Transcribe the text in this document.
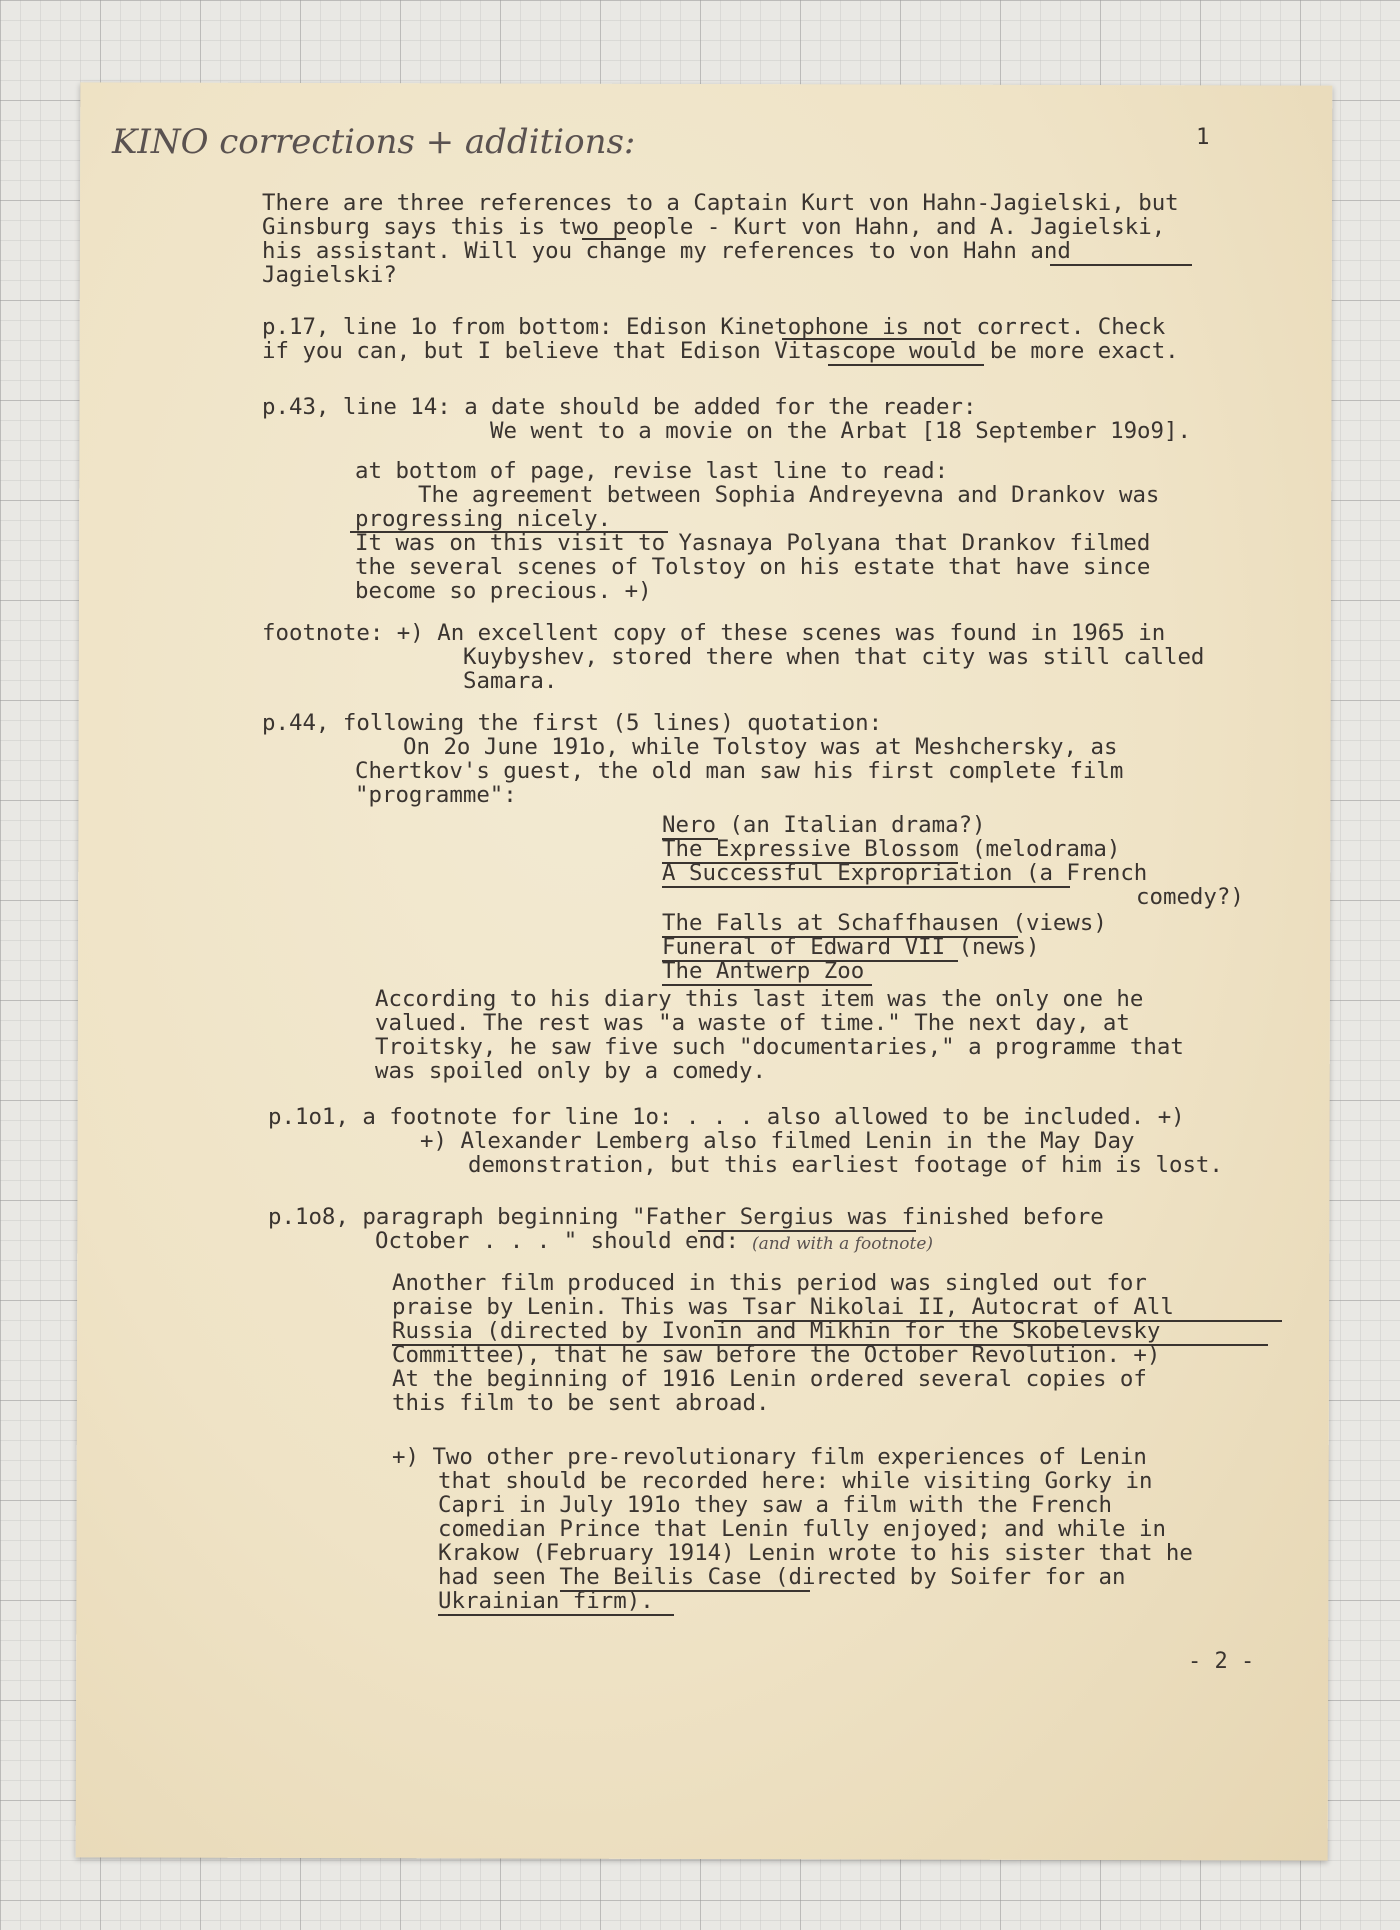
KINO corrections + additions:	1

There are three references to a Captain Kurt von Hahn-Jagielski, but

Ginsburg says this is two people - Kurt von Hahn, and A. Jagielski,

his assistant. Will you change my references to von Hahn and

Jagielski?

p.17, line 1o from bottom: Edison Kinetophone is not correct. Check

if you can, but I believe that Edison Vitascope would be more exact.

p.43, line 14: a date should be added for the reader:

We went to a movie on the Arbat [18 September 19o9].

at bottom of page, revise last line to read:

The agreement between Sophia Andreyevna and Drankov was

progressing nicely.

It was on this visit to Yasnaya Polyana that Drankov filmed

the several scenes of Tolstoy on his estate that have since

become so precious. +)

footnote: +) An excellent copy of these scenes was found in 1965 in

Kuybyshev, stored there when that city was still called

Samara.

p.44, following the first (5 lines) quotation:

On 2o June 191o, while Tolstoy was at Meshchersky, as

Chertkov's guest, the old man saw his first complete film

"programme":

Nero (an Italian drama?)

The Expressive Blossom (melodrama)

A Successful Expropriation (a French

comedy?)

The Falls at Schaffhausen (views)

Funeral of Edward VII (news)

The Antwerp Zoo

According to his diary this last item was the only one he

valued. The rest was "a waste of time." The next day, at

Troitsky, he saw five such "documentaries," a programme that

was spoiled only by a comedy.

p.1o1, a footnote for line 1o: . . . also allowed to be included. +)

+) Alexander Lemberg also filmed Lenin in the May Day

demonstration, but this earliest footage of him is lost.

p.1o8, paragraph beginning "Father Sergius was finished before

October . . . " should end: (and with a footnote)

Another film produced in this period was singled out for

praise by Lenin. This was Tsar Nikolai II, Autocrat of All

Russia (directed by Ivonin and Mikhin for the Skobelevsky

Committee), that he saw before the October Revolution. +)

At the beginning of 1916 Lenin ordered several copies of

this film to be sent abroad.

+) Two other pre-revolutionary film experiences of Lenin

that should be recorded here: while visiting Gorky in

Capri in July 191o they saw a film with the French

comedian Prince that Lenin fully enjoyed; and while in

Krakow (February 1914) Lenin wrote to his sister that he

had seen The Beilis Case (directed by Soifer for an

Ukrainian firm).

- 2 -
